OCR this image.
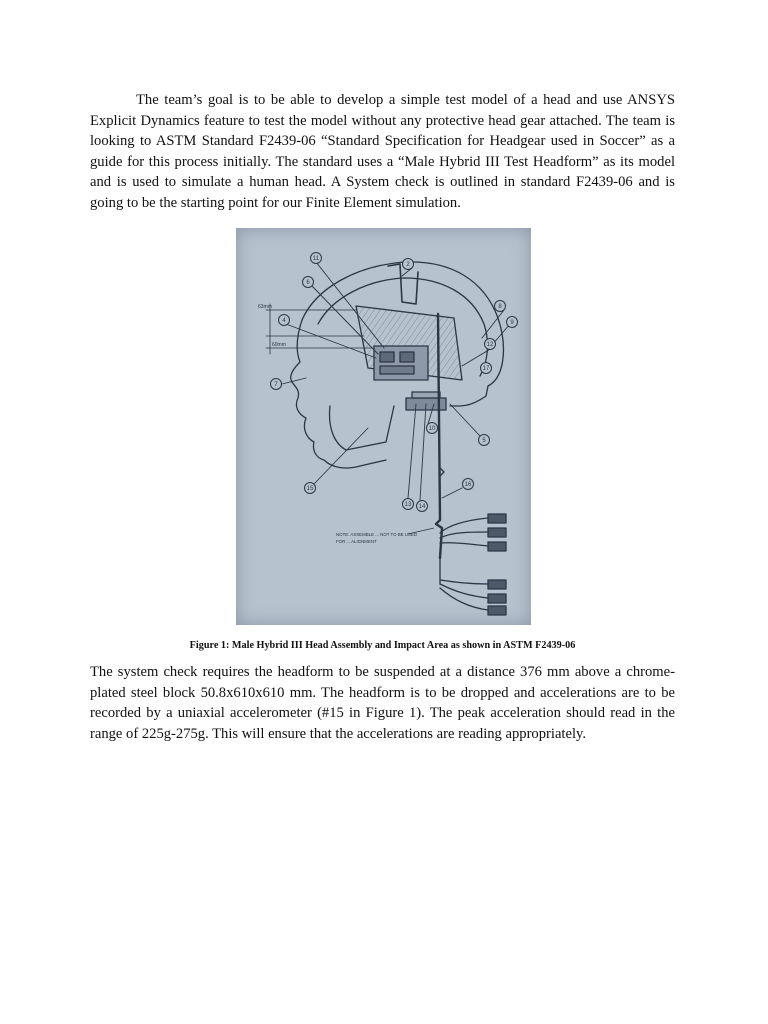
The team’s goal is to be able to develop a simple test model of a head and use ANSYS Explicit Dynamics feature to test the model without any protective head gear attached. The team is looking to ASTM Standard F2439-06 “Standard Specification for Headgear used in Soccer” as a guide for this process initially. The standard uses a “Male Hybrid III Test Headform” as its model and is used to simulate a human head. A System check is outlined in standard F2439-06 and is going to be the starting point for our Finite Element simulation.

NOTE: ASSEMBLE ... NOT TO BE USED
FOR ... ALIGNMENT
63mm
60mm
11
6
2
4
7
8
9
12
10
13 14
5
15
16
17
Figure 1: Male Hybrid III Head Assembly and Impact Area as shown in ASTM F2439-06

The system check requires the headform to be suspended at a distance 376 mm above a chrome-plated steel block 50.8x610x610 mm. The headform is to be dropped and accelerations are to be recorded by a uniaxial accelerometer (#15 in Figure 1). The peak acceleration should read in the range of 225g-275g. This will ensure that the accelerations are reading appropriately.
